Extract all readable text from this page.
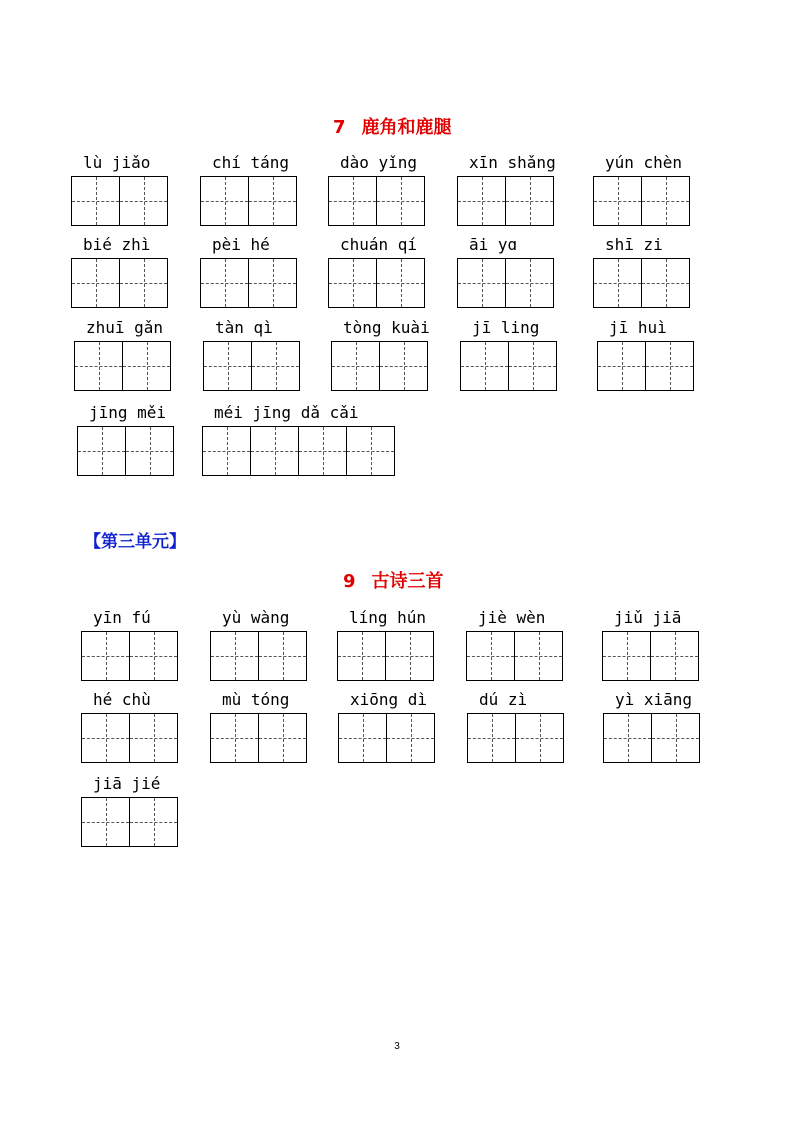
7 鹿角和鹿腿
lù jiǎo	chí táng	dào yǐng	xīn shǎng	yún chèn
bié zhì	pèi hé	chuán qí	āi yɑ	shī zi
zhuī gǎn	tàn qì	tòng kuài	jī ling	jī huì
jīng měi	méi jīng dǎ cǎi
【第三单元】
9 古诗三首
yīn fú	yù wàng	líng hún	jiè wèn	jiǔ jiā
hé chù	mù tóng	xiōng dì	dú zì	yì xiāng
jiā jié
3
